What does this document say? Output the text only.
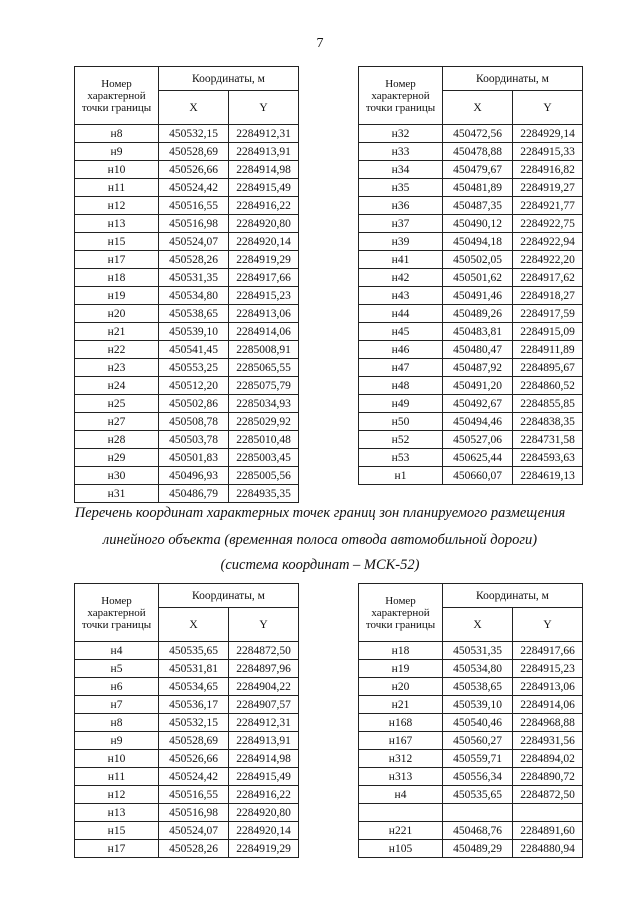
7
Номер характерной точки границы	Координаты, м	
	X	Y
н8	450532,15	2284912,31
н9	450528,69	2284913,91
н10	450526,66	2284914,98
н11	450524,42	2284915,49
н12	450516,55	2284916,22
н13	450516,98	2284920,80
н15	450524,07	2284920,14
н17	450528,26	2284919,29
н18	450531,35	2284917,66
н19	450534,80	2284915,23
н20	450538,65	2284913,06
н21	450539,10	2284914,06
н22	450541,45	2285008,91
н23	450553,25	2285065,55
н24	450512,20	2285075,79
н25	450502,86	2285034,93
н27	450508,78	2285029,92
н28	450503,78	2285010,48
н29	450501,83	2285003,45
н30	450496,93	2285005,56
н31	450486,79	2284935,35
Номер характерной точки границы	Координаты, м	
	X	Y
н32	450472,56	2284929,14
н33	450478,88	2284915,33
н34	450479,67	2284916,82
н35	450481,89	2284919,27
н36	450487,35	2284921,77
н37	450490,12	2284922,75
н39	450494,18	2284922,94
н41	450502,05	2284922,20
н42	450501,62	2284917,62
н43	450491,46	2284918,27
н44	450489,26	2284917,59
н45	450483,81	2284915,09
н46	450480,47	2284911,89
н47	450487,92	2284895,67
н48	450491,20	2284860,52
н49	450492,67	2284855,85
н50	450494,46	2284838,35
н52	450527,06	2284731,58
н53	450625,44	2284593,63
н1	450660,07	2284619,13
Перечень координат характерных точек границ зон планируемого размещения
линейного объекта (временная полоса отвода автомобильной дороги)
(система координат – МСК-52)
Номер характерной точки границы	Координаты, м	
	X	Y
н4	450535,65	2284872,50
н5	450531,81	2284897,96
н6	450534,65	2284904,22
н7	450536,17	2284907,57
н8	450532,15	2284912,31
н9	450528,69	2284913,91
н10	450526,66	2284914,98
н11	450524,42	2284915,49
н12	450516,55	2284916,22
н13	450516,98	2284920,80
н15	450524,07	2284920,14
н17	450528,26	2284919,29
Номер характерной точки границы	Координаты, м	
	X	Y
н18	450531,35	2284917,66
н19	450534,80	2284915,23
н20	450538,65	2284913,06
н21	450539,10	2284914,06
н168	450540,46	2284968,88
н167	450560,27	2284931,56
н312	450559,71	2284894,02
н313	450556,34	2284890,72
н4	450535,65	2284872,50

н221	450468,76	2284891,60
н105	450489,29	2284880,94
